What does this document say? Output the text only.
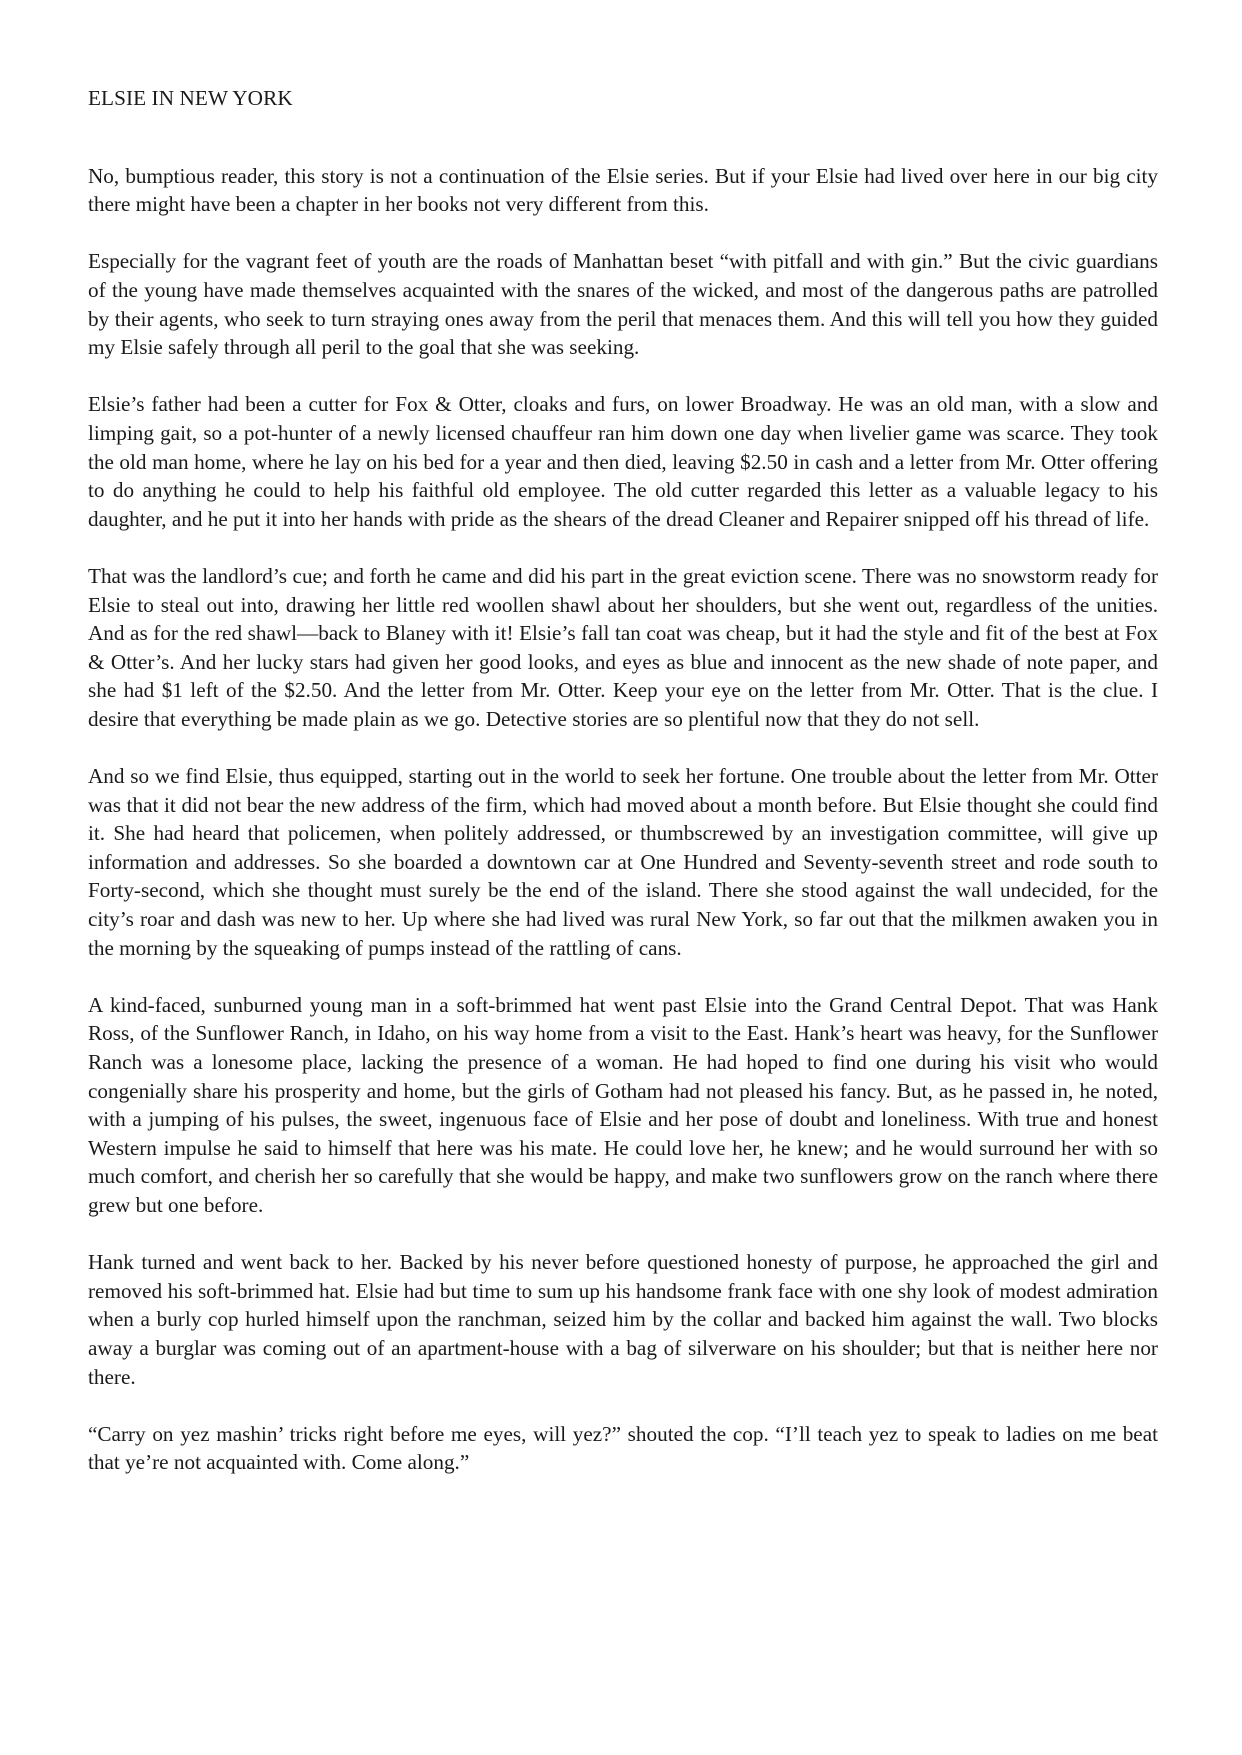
ELSIE IN NEW YORK

No, bumptious reader, this story is not a continuation of the Elsie series. But if your Elsie had lived over here in our big city there might have been a chapter in her books not very different from this.

Especially for the vagrant feet of youth are the roads of Manhattan beset “with pitfall and with gin.” But the civic guardians of the young have made themselves acquainted with the snares of the wicked, and most of the dangerous paths are patrolled by their agents, who seek to turn straying ones away from the peril that menaces them. And this will tell you how they guided my Elsie safely through all peril to the goal that she was seeking.

Elsie’s father had been a cutter for Fox & Otter, cloaks and furs, on lower Broadway. He was an old man, with a slow and limping gait, so a pot-hunter of a newly licensed chauffeur ran him down one day when livelier game was scarce. They took the old man home, where he lay on his bed for a year and then died, leaving $2.50 in cash and a letter from Mr. Otter offering to do anything he could to help his faithful old employee. The old cutter regarded this letter as a valuable legacy to his daughter, and he put it into her hands with pride as the shears of the dread Cleaner and Repairer snipped off his thread of life.

That was the landlord’s cue; and forth he came and did his part in the great eviction scene. There was no snowstorm ready for Elsie to steal out into, drawing her little red woollen shawl about her shoulders, but she went out, regardless of the unities. And as for the red shawl—back to Blaney with it! Elsie’s fall tan coat was cheap, but it had the style and fit of the best at Fox & Otter’s. And her lucky stars had given her good looks, and eyes as blue and innocent as the new shade of note paper, and she had $1 left of the $2.50. And the letter from Mr. Otter. Keep your eye on the letter from Mr. Otter. That is the clue. I desire that everything be made plain as we go. Detective stories are so plentiful now that they do not sell.

And so we find Elsie, thus equipped, starting out in the world to seek her fortune. One trouble about the letter from Mr. Otter was that it did not bear the new address of the firm, which had moved about a month before. But Elsie thought she could find it. She had heard that policemen, when politely addressed, or thumbscrewed by an investigation committee, will give up information and addresses. So she boarded a downtown car at One Hundred and Seventy-seventh street and rode south to Forty-second, which she thought must surely be the end of the island. There she stood against the wall undecided, for the city’s roar and dash was new to her. Up where she had lived was rural New York, so far out that the milkmen awaken you in the morning by the squeaking of pumps instead of the rattling of cans.

A kind-faced, sunburned young man in a soft-brimmed hat went past Elsie into the Grand Central Depot. That was Hank Ross, of the Sunflower Ranch, in Idaho, on his way home from a visit to the East. Hank’s heart was heavy, for the Sunflower Ranch was a lonesome place, lacking the presence of a woman. He had hoped to find one during his visit who would congenially share his prosperity and home, but the girls of Gotham had not pleased his fancy. But, as he passed in, he noted, with a jumping of his pulses, the sweet, ingenuous face of Elsie and her pose of doubt and loneliness. With true and honest Western impulse he said to himself that here was his mate. He could love her, he knew; and he would surround her with so much comfort, and cherish her so carefully that she would be happy, and make two sunflowers grow on the ranch where there grew but one before.

Hank turned and went back to her. Backed by his never before questioned honesty of purpose, he approached the girl and removed his soft-brimmed hat. Elsie had but time to sum up his handsome frank face with one shy look of modest admiration when a burly cop hurled himself upon the ranchman, seized him by the collar and backed him against the wall. Two blocks away a burglar was coming out of an apartment-house with a bag of silverware on his shoulder; but that is neither here nor there.

“Carry on yez mashin’ tricks right before me eyes, will yez?” shouted the cop. “I’ll teach yez to speak to ladies on me beat that ye’re not acquainted with. Come along.”
